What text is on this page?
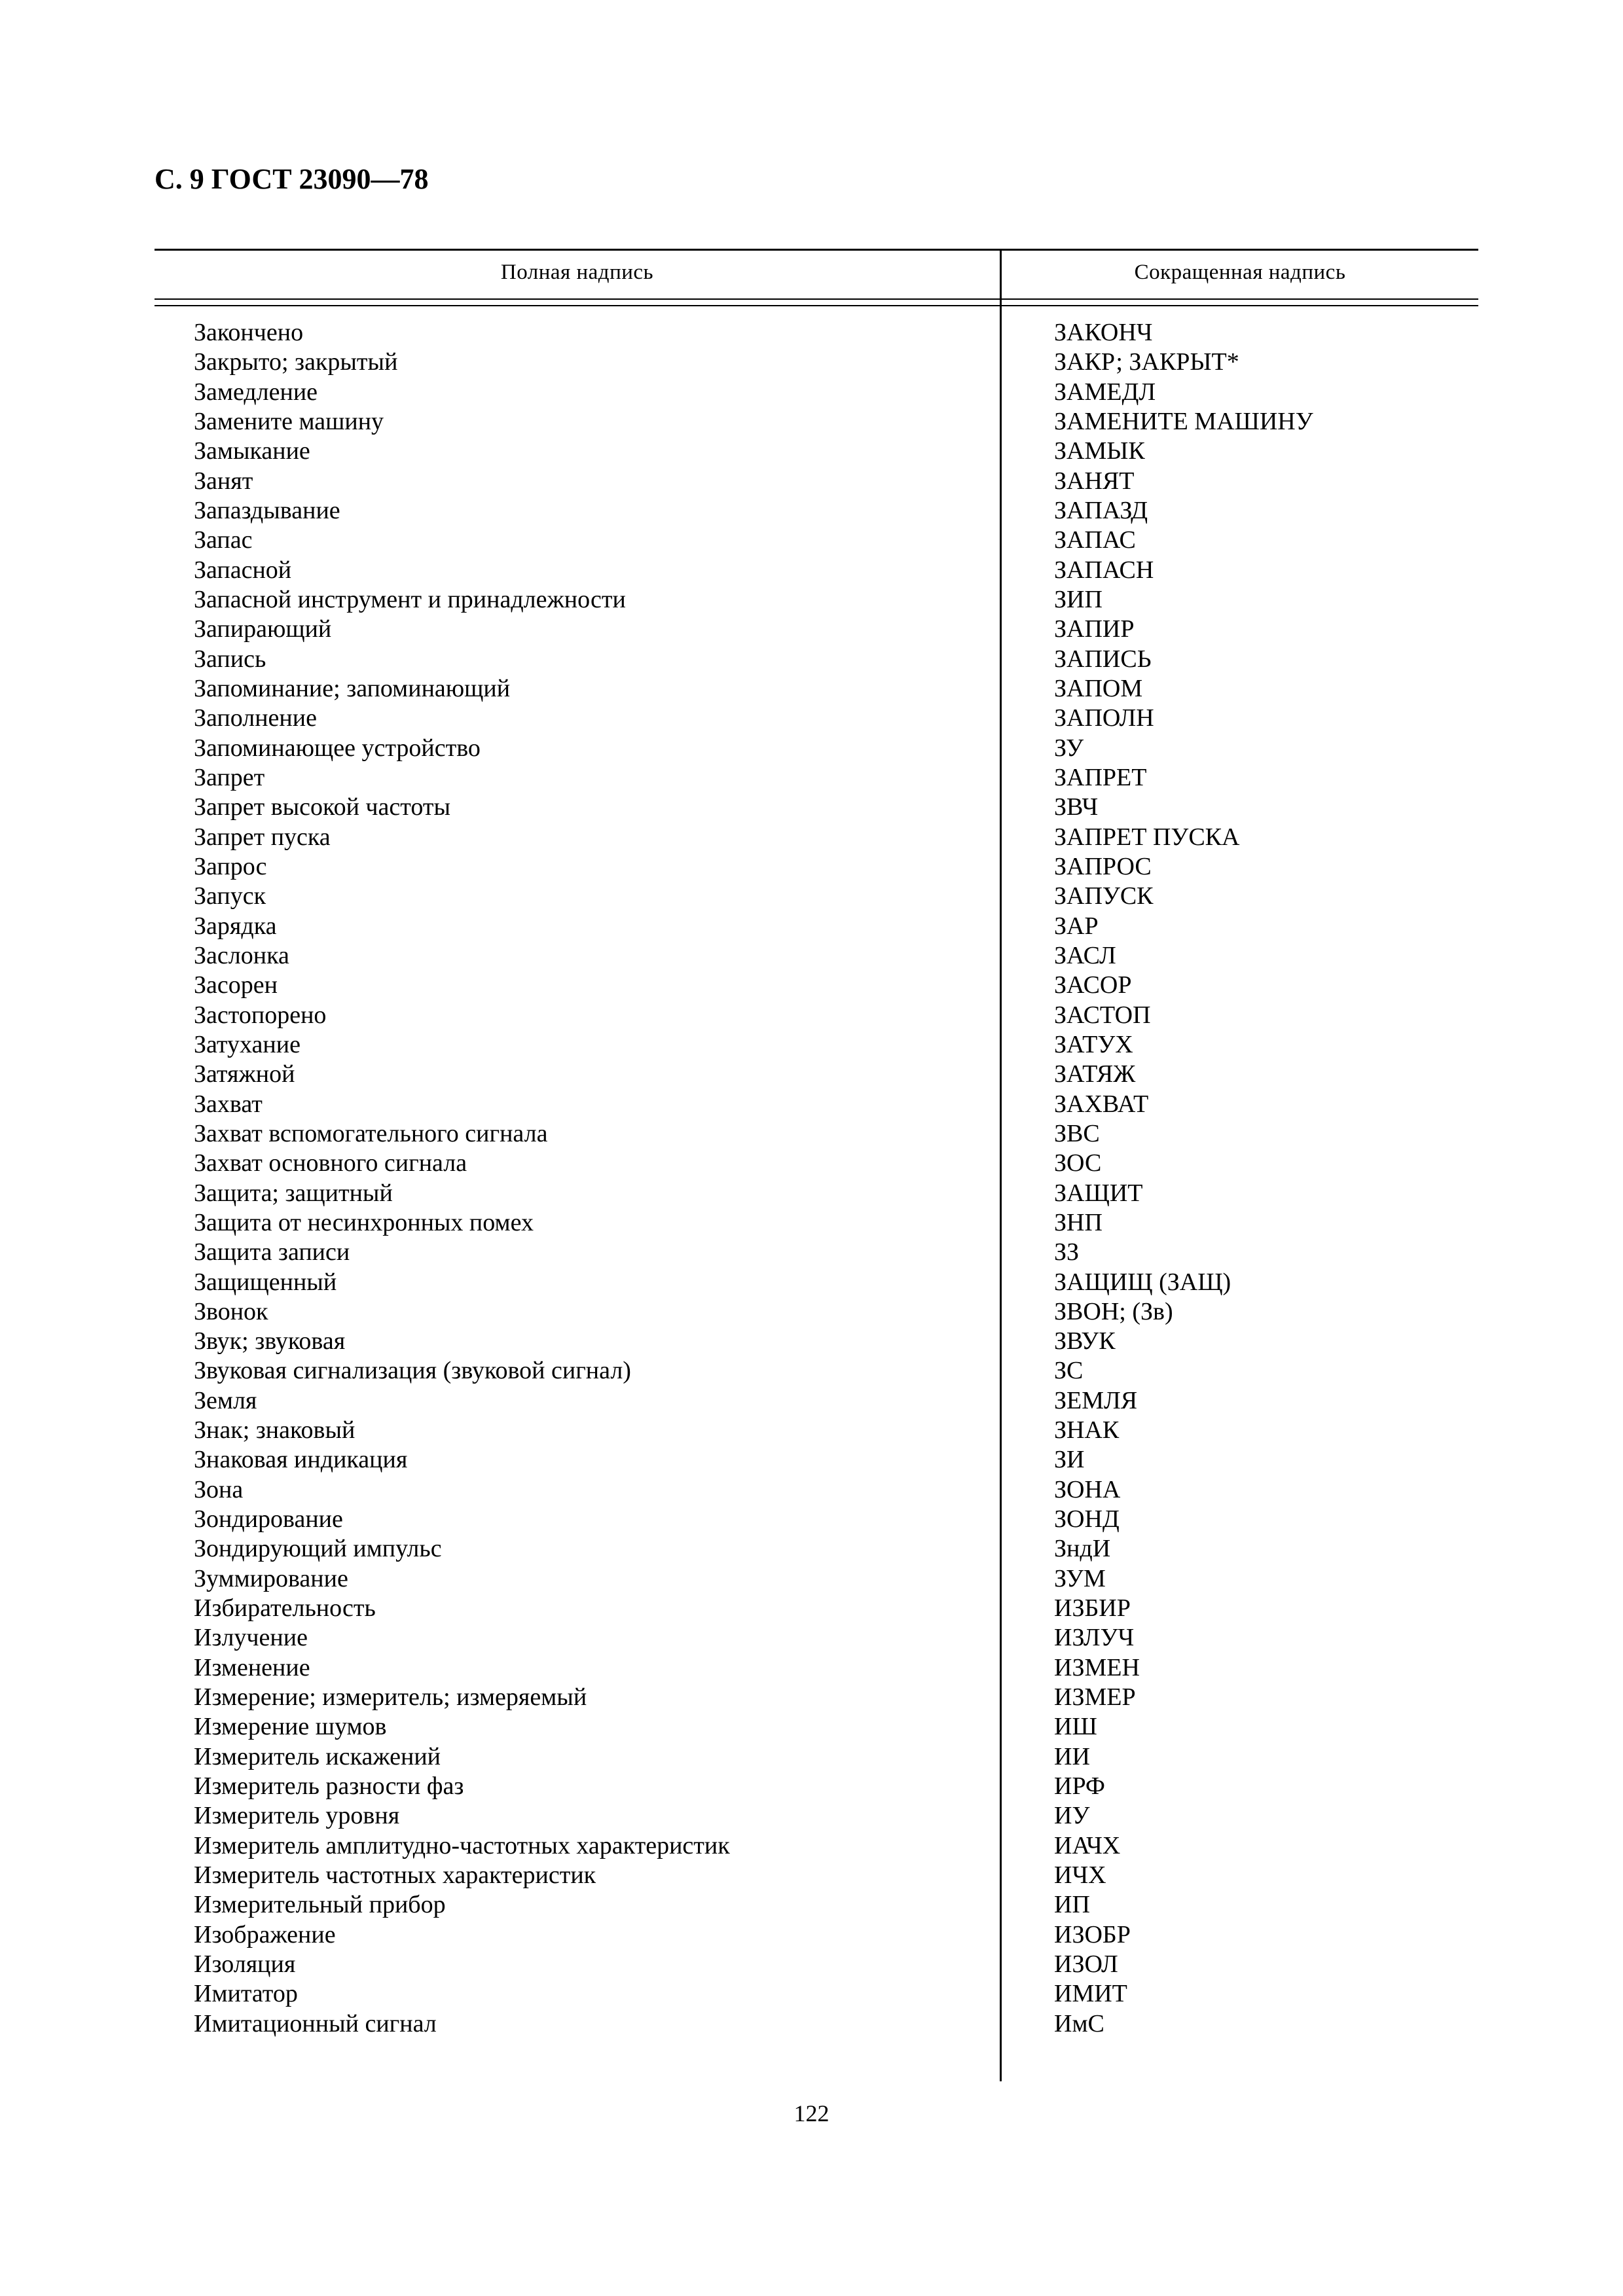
С. 9 ГОСТ 23090—78
Полная надпись	Сокращенная надпись
Закончено	ЗАКОНЧ
Закрыто; закрытый	ЗАКР; ЗАКРЫТ*
Замедление	ЗАМЕДЛ
Замените машину	ЗАМЕНИТЕ МАШИНУ
Замыкание	ЗАМЫК
Занят	ЗАНЯТ
Запаздывание	ЗАПАЗД
Запас	ЗАПАС
Запасной	ЗАПАСН
Запасной инструмент и принадлежности	ЗИП
Запирающий	ЗАПИР
Запись	ЗАПИСЬ
Запоминание; запоминающий	ЗАПОМ
Заполнение	ЗАПОЛН
Запоминающее устройство	ЗУ
Запрет	ЗАПРЕТ
Запрет высокой частоты	ЗВЧ
Запрет пуска	ЗАПРЕТ ПУСКА
Запрос	ЗАПРОС
Запуск	ЗАПУСК
Зарядка	ЗАР
Заслонка	ЗАСЛ
Засорен	ЗАСОР
Застопорено	ЗАСТОП
Затухание	ЗАТУХ
Затяжной	ЗАТЯЖ
Захват	ЗАХВАТ
Захват вспомогательного сигнала	ЗВС
Захват основного сигнала	ЗОС
Защита; защитный	ЗАЩИТ
Защита от несинхронных помех	ЗНП
Защита записи	ЗЗ
Защищенный	ЗАЩИЩ (ЗАЩ)
Звонок	ЗВОН; (Зв)
Звук; звуковая	ЗВУК
Звуковая сигнализация (звуковой сигнал)	ЗС
Земля	ЗЕМЛЯ
Знак; знаковый	ЗНАК
Знаковая индикация	ЗИ
Зона	ЗОНА
Зондирование	ЗОНД
Зондирующий импульс	ЗндИ
Зуммирование	ЗУМ
Избирательность	ИЗБИР
Излучение	ИЗЛУЧ
Изменение	ИЗМЕН
Измерение; измеритель; измеряемый	ИЗМЕР
Измерение шумов	ИШ
Измеритель искажений	ИИ
Измеритель разности фаз	ИРФ
Измеритель уровня	ИУ
Измеритель амплитудно-частотных характеристик	ИАЧХ
Измеритель частотных характеристик	ИЧХ
Измерительный прибор	ИП
Изображение	ИЗОБР
Изоляция	ИЗОЛ
Имитатор	ИМИТ
Имитационный сигнал	ИмС
122
